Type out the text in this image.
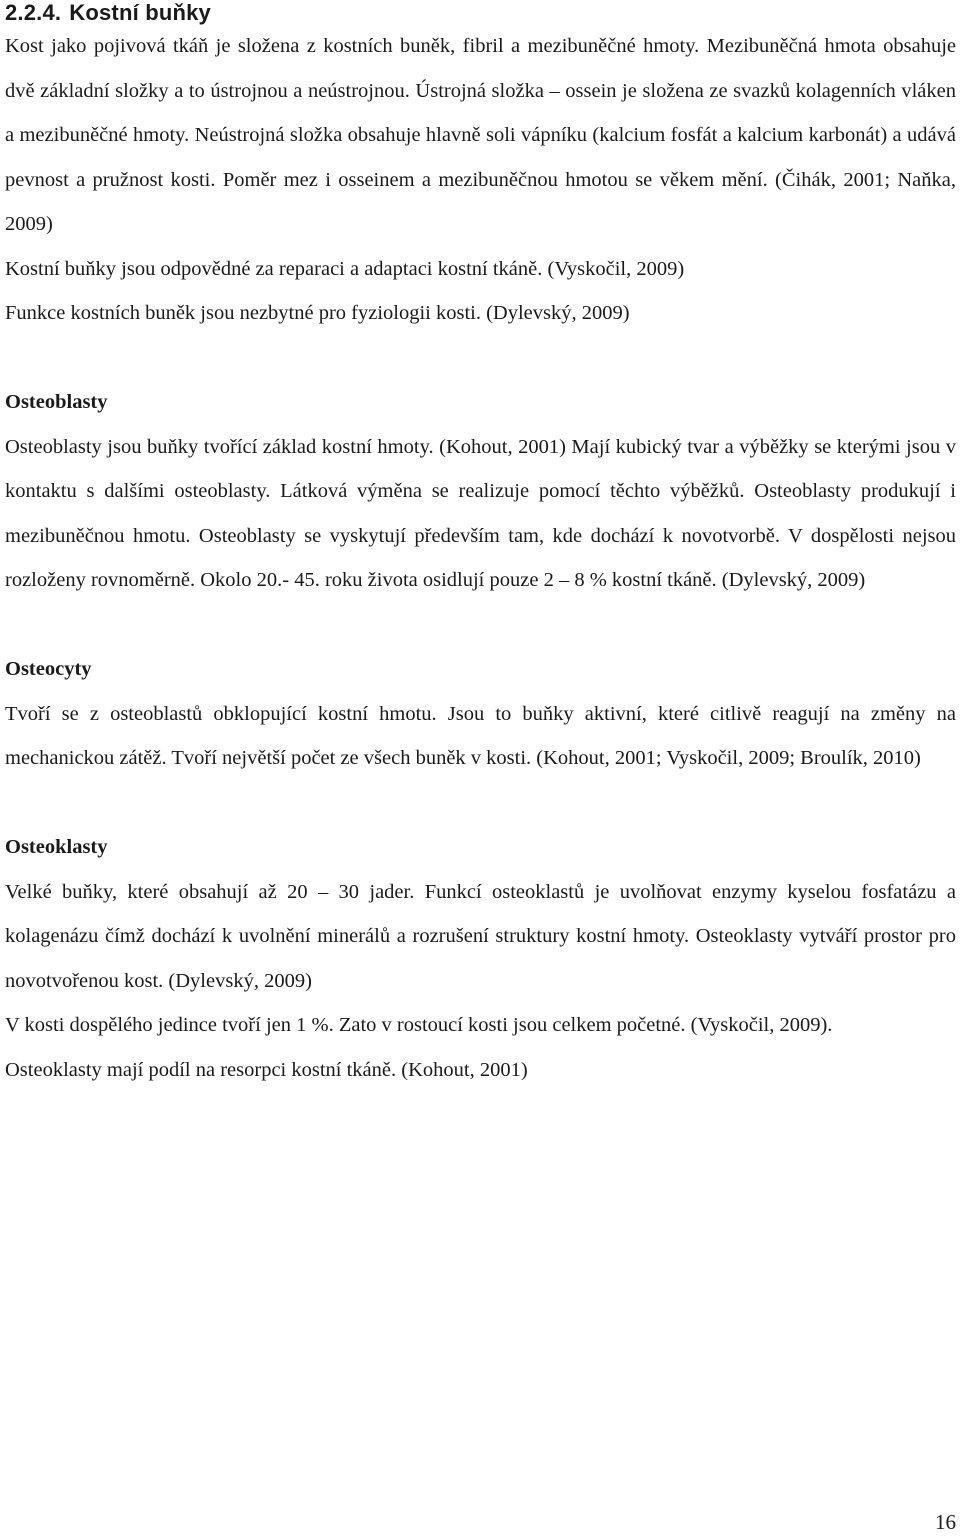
2.2.4. Kostní buňky

Kost jako pojivová tkáň je složena z kostních buněk, fibril a mezibuněčné hmoty. Mezibuněčná hmota obsahuje dvě základní složky a to ústrojnou a neústrojnou. Ústrojná složka – ossein je složena ze svazků kolagenních vláken a mezibuněčné hmoty. Neústrojná složka obsahuje hlavně soli vápníku (kalcium fosfát a kalcium karbonát) a udává pevnost a pružnost kosti. Poměr mez i osseinem a mezibuněčnou hmotou se věkem mění. (Čihák, 2001; Naňka, 2009)

Kostní buňky jsou odpovědné za reparaci a adaptaci kostní tkáně. (Vyskočil, 2009)

Funkce kostních buněk jsou nezbytné pro fyziologii kosti. (Dylevský, 2009)

Osteoblasty

Osteoblasty jsou buňky tvořící základ kostní hmoty. (Kohout, 2001) Mají kubický tvar a výběžky se kterými jsou v kontaktu s dalšími osteoblasty. Látková výměna se realizuje pomocí těchto výběžků. Osteoblasty produkují i mezibuněčnou hmotu. Osteoblasty se vyskytují především tam, kde dochází k novotvorbě. V dospělosti nejsou rozloženy rovnoměrně. Okolo 20.- 45. roku života osidlují pouze 2 – 8 % kostní tkáně. (Dylevský, 2009)

Osteocyty

Tvoří se z osteoblastů obklopující kostní hmotu. Jsou to buňky aktivní, které citlivě reagují na změny na mechanickou zátěž. Tvoří největší počet ze všech buněk v kosti. (Kohout, 2001; Vyskočil, 2009; Broulík, 2010)

Osteoklasty

Velké buňky, které obsahují až 20 – 30 jader. Funkcí osteoklastů je uvolňovat enzymy kyselou fosfatázu a kolagenázu čímž dochází k uvolnění minerálů a rozrušení struktury kostní hmoty. Osteoklasty vytváří prostor pro novotvořenou kost. (Dylevský, 2009)

V kosti dospělého jedince tvoří jen 1 %. Zato v rostoucí kosti jsou celkem početné. (Vyskočil, 2009).

Osteoklasty mají podíl na resorpci kostní tkáně. (Kohout, 2001)

16
